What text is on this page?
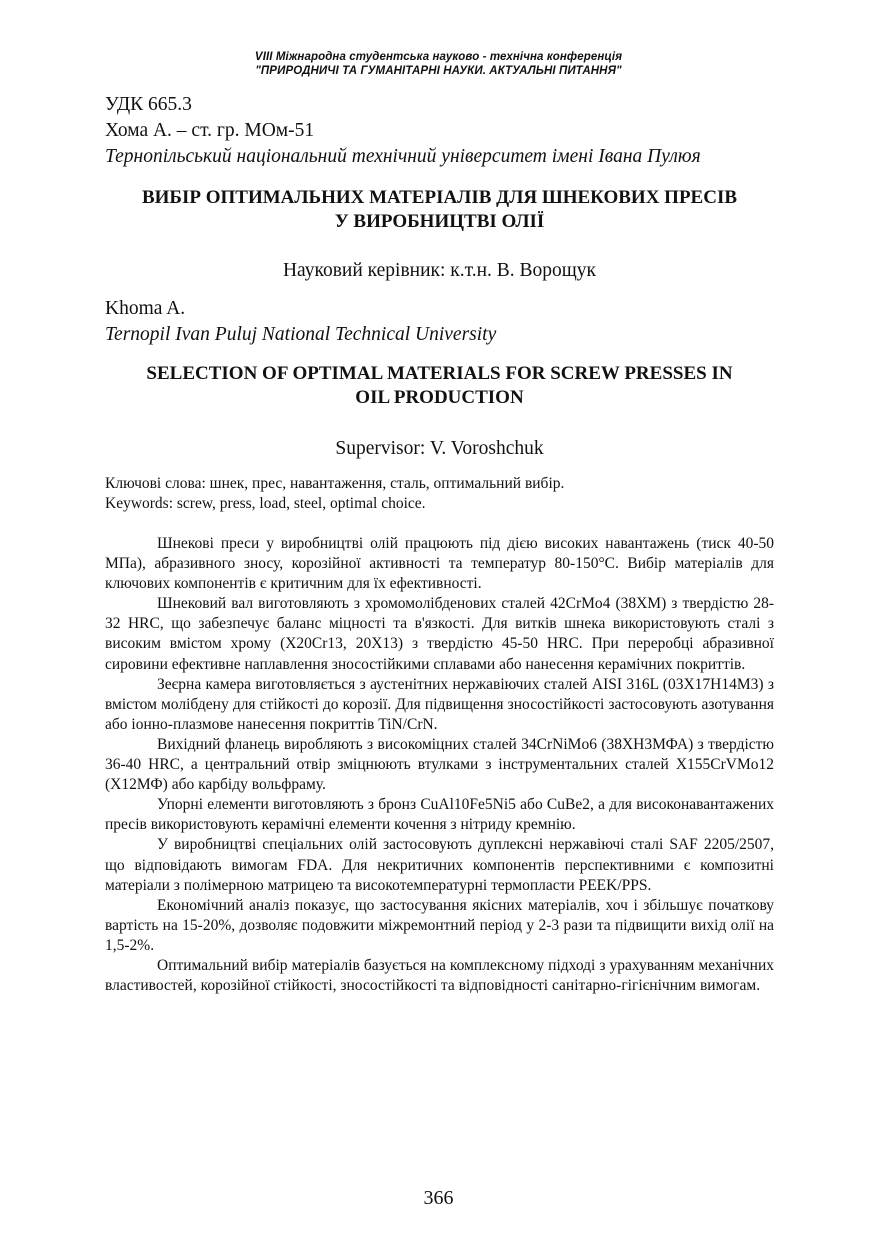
VIII Міжнародна студентська науково - технічна конференція
"ПРИРОДНИЧІ ТА ГУМАНІТАРНІ НАУКИ. АКТУАЛЬНІ ПИТАННЯ"

УДК 665.3

Хома А. – ст. гр. МОм-51

Тернопільський національний технічний університет імені Івана Пулюя

ВИБІР ОПТИМАЛЬНИХ МАТЕРІАЛІВ ДЛЯ ШНЕКОВИХ ПРЕСІВ

У ВИРОБНИЦТВІ ОЛІЇ

Науковий керівник: к.т.н. В. Ворощук

Khoma A.

Ternopil Ivan Puluj National Technical University

SELECTION OF OPTIMAL MATERIALS FOR SCREW PRESSES IN

OIL PRODUCTION

Supervisor: V. Voroshchuk

Ключові слова: шнек, прес, навантаження, сталь, оптимальний вибір.

Keywords: screw, press, load, steel, optimal choice.

Шнекові преси у виробництві олій працюють під дією високих навантажень (тиск 40-50 МПа), абразивного зносу, корозійної активності та температур 80-150°C. Вибір матеріалів для ключових компонентів є критичним для їх ефективності.

Шнековий вал виготовляють з хромомолібденових сталей 42CrMo4 (38ХМ) з твердістю 28-32 HRC, що забезпечує баланс міцності та в'язкості. Для витків шнека використовують сталі з високим вмістом хрому (X20Cr13, 20Х13) з твердістю 45-50 HRC. При переробці абразивної сировини ефективне наплавлення зносостійкими сплавами або нанесення керамічних покриттів.

Зеєрна камера виготовляється з аустенітних нержавіючих сталей AISI 316L (03Х17Н14М3) з вмістом молібдену для стійкості до корозії. Для підвищення зносостійкості застосовують азотування або іонно-плазмове нанесення покриттів TiN/CrN.

Вихідний фланець виробляють з високоміцних сталей 34CrNiMo6 (38ХН3МФА) з твердістю 36-40 HRC, а центральний отвір зміцнюють втулками з інструментальних сталей X155CrVMo12 (Х12МФ) або карбіду вольфраму.

Упорні елементи виготовляють з бронз CuAl10Fe5Ni5 або CuBe2, а для високонавантажених пресів використовують керамічні елементи кочення з нітриду кремнію.

У виробництві спеціальних олій застосовують дуплексні нержавіючі сталі SAF 2205/2507, що відповідають вимогам FDA. Для некритичних компонентів перспективними є композитні матеріали з полімерною матрицею та високотемпературні термопласти PEEK/PPS.

Економічний аналіз показує, що застосування якісних матеріалів, хоч і збільшує початкову вартість на 15-20%, дозволяє подовжити міжремонтний період у 2-3 рази та підвищити вихід олії на 1,5-2%.

Оптимальний вибір матеріалів базується на комплексному підході з урахуванням механічних властивостей, корозійної стійкості, зносостійкості та відповідності санітарно-гігієнічним вимогам.

366
